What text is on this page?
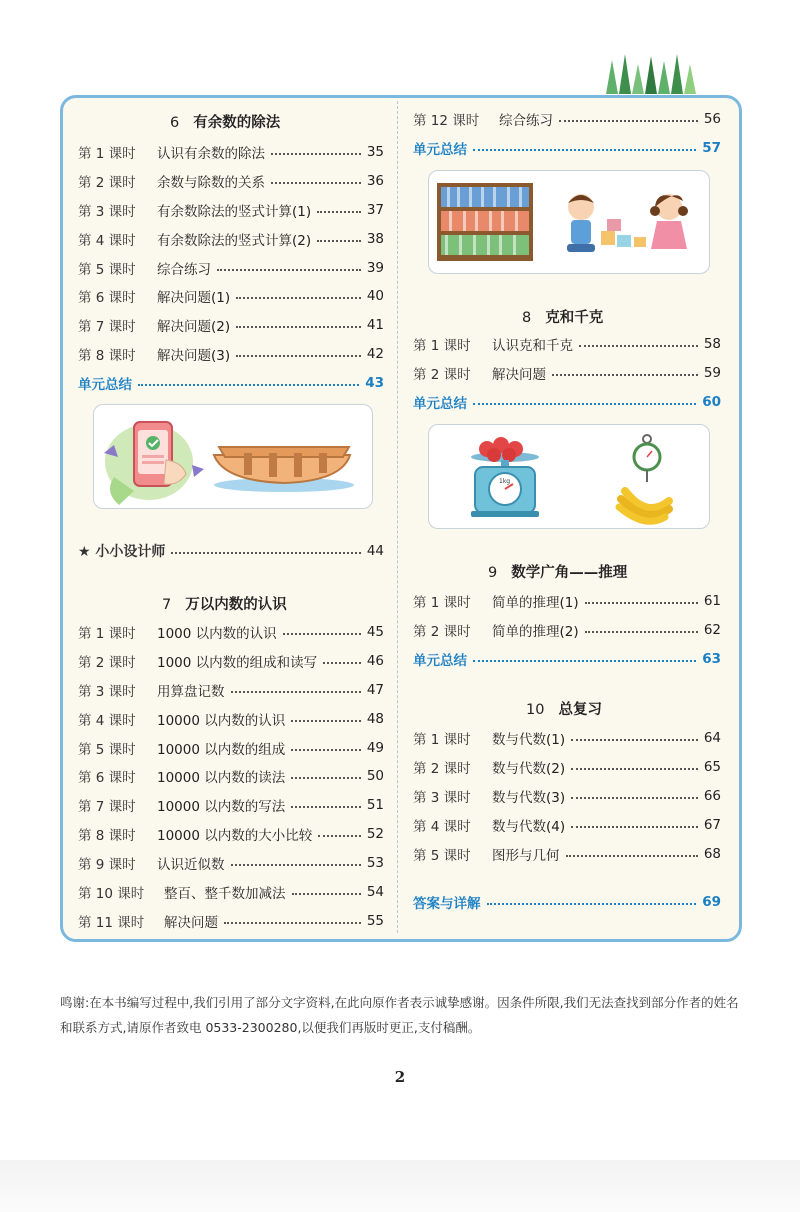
6 有余数的除法
第 1 课时	认识有余数的除法	35
第 2 课时	余数与除数的关系	36
第 3 课时	有余数除法的竖式计算(1)	37
第 4 课时	有余数除法的竖式计算(2)	38
第 5 课时	综合练习	39
第 6 课时	解决问题(1)	40
第 7 课时	解决问题(2)	41
第 8 课时	解决问题(3)	42
单元总结	43
★ 小小设计师	44
7 万以内数的认识
第 1 课时	1000 以内数的认识	45
第 2 课时	1000 以内数的组成和读写	46
第 3 课时	用算盘记数	47
第 4 课时	10000 以内数的认识	48
第 5 课时	10000 以内数的组成	49
第 6 课时	10000 以内数的读法	50
第 7 课时	10000 以内数的写法	51
第 8 课时	10000 以内数的大小比较	52
第 9 课时	认识近似数	53
第 10 课时	整百、整千数加减法	54
第 11 课时	解决问题	55
第 12 课时	综合练习	56
单元总结	57
8 克和千克
第 1 课时	认识克和千克	58
第 2 课时	解决问题	59
单元总结	60
1kg
9 数学广角——推理
第 1 课时	简单的推理(1)	61
第 2 课时	简单的推理(2)	62
单元总结	63
10 总复习
第 1 课时	数与代数(1)	64
第 2 课时	数与代数(2)	65
第 3 课时	数与代数(3)	66
第 4 课时	数与代数(4)	67
第 5 课时	图形与几何	68
答案与详解	69
鸣谢:在本书编写过程中,我们引用了部分文字资料,在此向原作者表示诚挚感谢。因条件所限,我们无法查找到部分作者的姓名和联系方式,请原作者致电 0533-2300280,以便我们再版时更正,支付稿酬。
2
